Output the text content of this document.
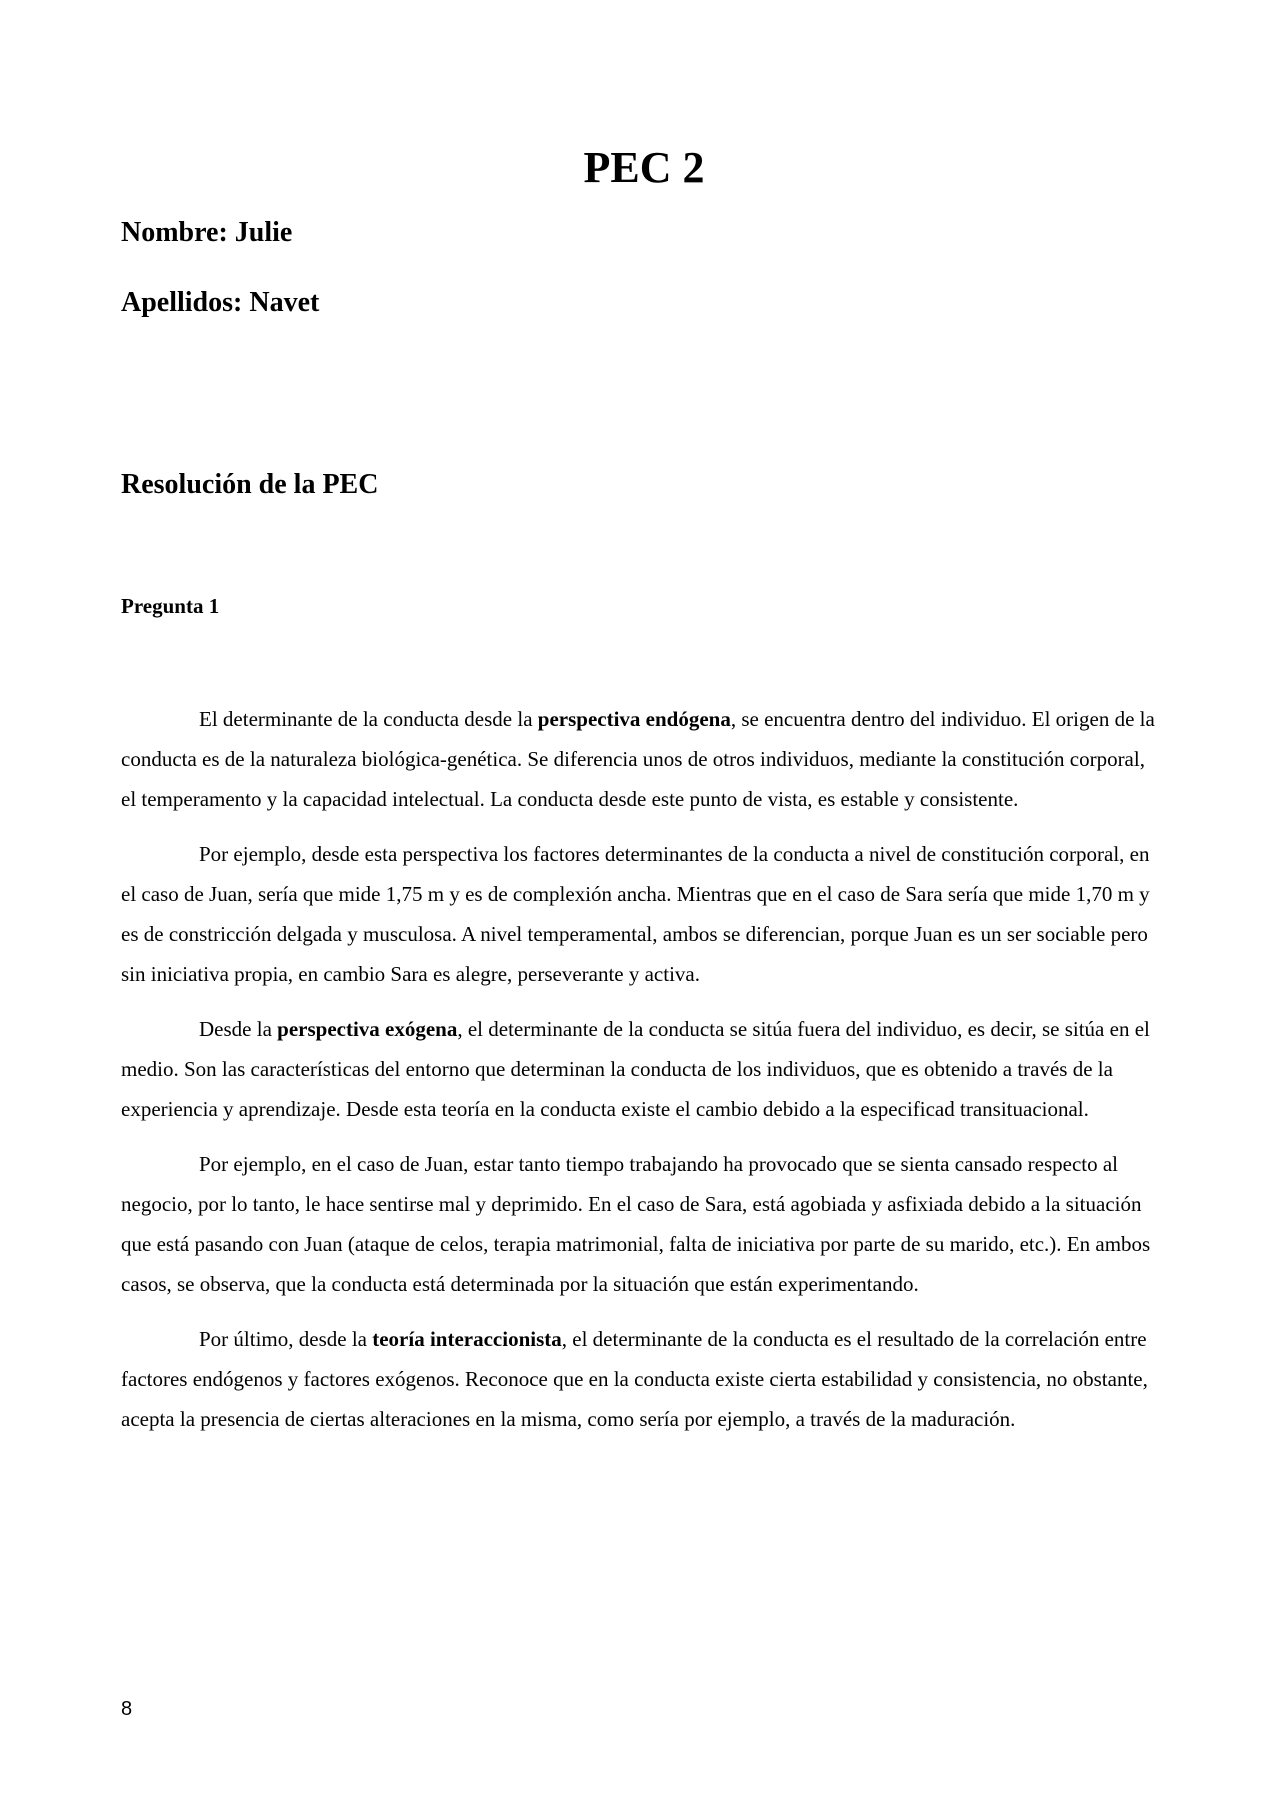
PEC 2
Nombre: Julie
Apellidos: Navet
Resolución de la PEC
Pregunta 1

El determinante de la conducta desde la perspectiva endógena, se encuentra dentro del individuo. El origen de la conducta es de la naturaleza biológica-genética. Se diferencia unos de otros individuos, mediante la constitución corporal, el temperamento y la capacidad intelectual. La conducta desde este punto de vista, es estable y consistente.

Por ejemplo, desde esta perspectiva los factores determinantes de la conducta a nivel de constitución corporal, en el caso de Juan, sería que mide 1,75 m y es de complexión ancha. Mientras que en el caso de Sara sería que mide 1,70 m y es de constricción delgada y musculosa. A nivel temperamental, ambos se diferencian, porque Juan es un ser sociable pero sin iniciativa propia, en cambio Sara es alegre, perseverante y activa.

Desde la perspectiva exógena, el determinante de la conducta se sitúa fuera del individuo, es decir, se sitúa en el medio. Son las características del entorno que determinan la conducta de los individuos, que es obtenido a través de la experiencia y aprendizaje. Desde esta teoría en la conducta existe el cambio debido a la especificad transituacional.

Por ejemplo, en el caso de Juan, estar tanto tiempo trabajando ha provocado que se sienta cansado respecto al negocio, por lo tanto, le hace sentirse mal y deprimido. En el caso de Sara, está agobiada y asfixiada debido a la situación que está pasando con Juan (ataque de celos, terapia matrimonial, falta de iniciativa por parte de su marido, etc.). En ambos casos, se observa, que la conducta está determinada por la situación que están experimentando.

Por último, desde la teoría interaccionista, el determinante de la conducta es el resultado de la correlación entre factores endógenos y factores exógenos. Reconoce que en la conducta existe cierta estabilidad y consistencia, no obstante, acepta la presencia de ciertas alteraciones en la misma, como sería por ejemplo, a través de la maduración.

8
